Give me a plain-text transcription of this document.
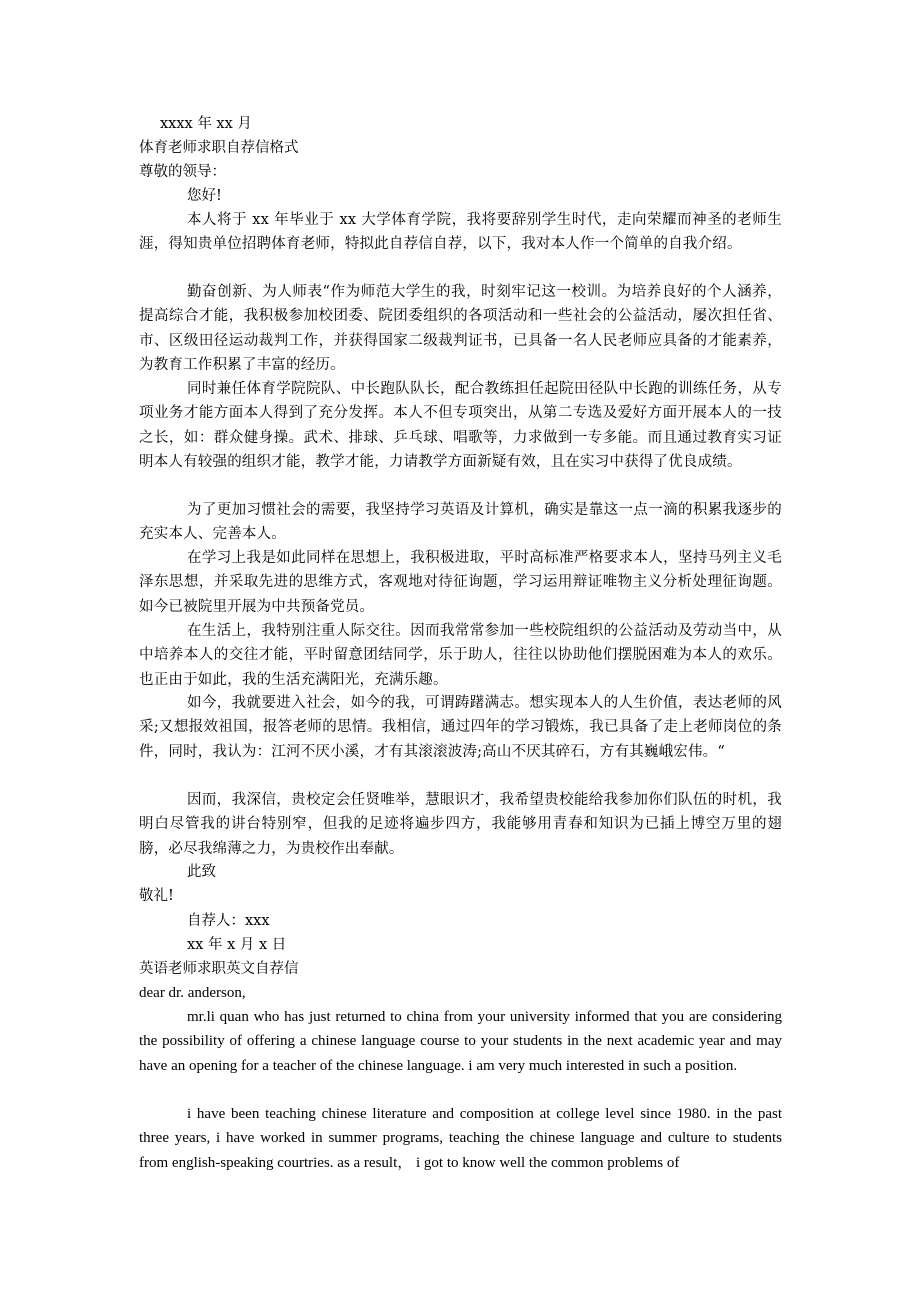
xxxx 年 xx 月
体育老师求职自荐信格式
尊敬的领导：
您好!
本人将于 xx 年毕业于 xx 大学体育学院，我将要辞别学生时代，走向荣耀而神圣的老师生涯，得知贵单位招聘体育老师，特拟此自荐信自荐，以下，我对本人作一个简单的自我介绍。
勤奋创新、为人师表“作为师范大学生的我，时刻牢记这一校训。为培养良好的个人涵养，提高综合才能，我积极参加校团委、院团委组织的各项活动和一些社会的公益活动，屡次担任省、市、区级田径运动裁判工作，并获得国家二级裁判证书，已具备一名人民老师应具备的才能素养，为教育工作积累了丰富的经历。
同时兼任体育学院院队、中长跑队队长，配合教练担任起院田径队中长跑的训练任务，从专项业务才能方面本人得到了充分发挥。本人不但专项突出，从第二专选及爱好方面开展本人的一技之长，如：群众健身操。武术、排球、乒乓球、唱歌等，力求做到一专多能。而且通过教育实习证明本人有较强的组织才能，教学才能，力请教学方面新疑有效，且在实习中获得了优良成绩。
为了更加习惯社会的需要，我坚持学习英语及计算机，确实是靠这一点一滴的积累我逐步的充实本人、完善本人。
在学习上我是如此同样在思想上，我积极进取，平时高标准严格要求本人，坚持马列主义毛泽东思想，并采取先进的思维方式，客观地对待征询题，学习运用辩证唯物主义分析处理征询题。如今已被院里开展为中共预备党员。
在生活上，我特别注重人际交往。因而我常常参加一些校院组织的公益活动及劳动当中，从中培养本人的交往才能，平时留意团结同学，乐于助人，往往以协助他们摆脱困难为本人的欢乐。也正由于如此，我的生活充满阳光，充满乐趣。
如今，我就要进入社会，如今的我，可谓踌躇满志。想实现本人的人生价值，表达老师的风采;又想报效祖国，报答老师的思情。我相信，通过四年的学习锻炼，我已具备了走上老师岗位的条件，同时，我认为：江河不厌小溪，才有其滚滚波涛;高山不厌其碎石，方有其巍峨宏伟。“
因而，我深信，贵校定会任贤唯举，慧眼识才，我希望贵校能给我参加你们队伍的时机，我明白尽管我的讲台特别窄，但我的足迹将遍步四方，我能够用青春和知识为已插上博空万里的翅膀，必尽我绵薄之力，为贵校作出奉献。
此致
敬礼!
自荐人：xxx
xx 年 x 月 x 日
英语老师求职英文自荐信
dear dr. anderson,
mr.li quan who has just returned to china from your university informed that you are considering the possibility of offering a chinese language course to your students in the next academic year and may have an opening for a teacher of the chinese language. i am very much interested in such a position.
i have been teaching chinese literature and composition at college level since 1980. in the past three years, i have worked in summer programs, teaching the chinese language and culture to students from english-speaking courtries. as a result， i got to know well the common problems of
